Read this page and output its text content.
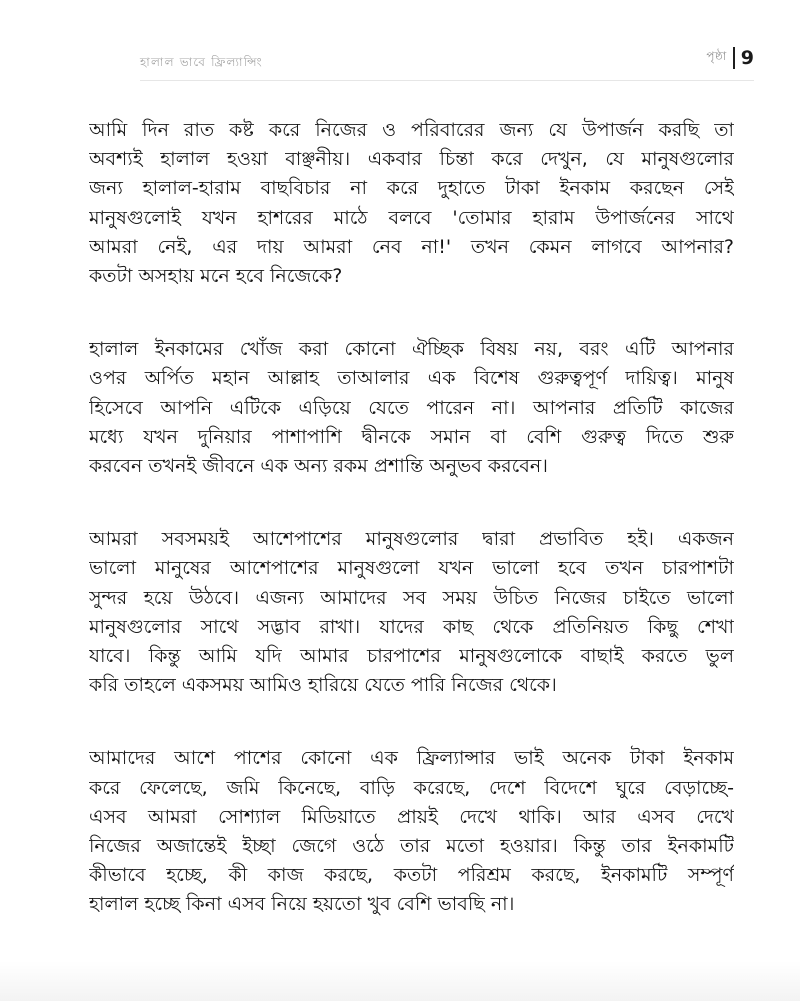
হালাল ভাবে ফ্রিল্যান্সিং	পৃষ্ঠা 9

আমি দিন রাত কষ্ট করে নিজের ও পরিবারের জন্য যে উপার্জন করছি তা
অবশ্যই হালাল হওয়া বাঞ্ছনীয়। একবার চিন্তা করে দেখুন, যে মানুষগুলোর
জন্য হালাল-হারাম বাছবিচার না করে দুহাতে টাকা ইনকাম করছেন সেই
মানুষগুলোই যখন হাশরের মাঠে বলবে 'তোমার হারাম উপার্জনের সাথে
আমরা নেই, এর দায় আমরা নেব না!' তখন কেমন লাগবে আপনার?
কতটা অসহায় মনে হবে নিজেকে?

হালাল ইনকামের খোঁজ করা কোনো ঐচ্ছিক বিষয় নয়, বরং এটি আপনার
ওপর অর্পিত মহান আল্লাহ তাআলার এক বিশেষ গুরুত্বপূর্ণ দায়িত্ব। মানুষ
হিসেবে আপনি এটিকে এড়িয়ে যেতে পারেন না। আপনার প্রতিটি কাজের
মধ্যে যখন দুনিয়ার পাশাপাশি দ্বীনকে সমান বা বেশি গুরুত্ব দিতে শুরু
করবেন তখনই জীবনে এক অন্য রকম প্রশান্তি অনুভব করবেন।

আমরা সবসময়ই আশেপাশের মানুষগুলোর দ্বারা প্রভাবিত হই। একজন
ভালো মানুষের আশেপাশের মানুষগুলো যখন ভালো হবে তখন চারপাশটা
সুন্দর হয়ে উঠবে। এজন্য আমাদের সব সময় উচিত নিজের চাইতে ভালো
মানুষগুলোর সাথে সদ্ভাব রাখা। যাদের কাছ থেকে প্রতিনিয়ত কিছু শেখা
যাবে। কিন্তু আমি যদি আমার চারপাশের মানুষগুলোকে বাছাই করতে ভুল
করি তাহলে একসময় আমিও হারিয়ে যেতে পারি নিজের থেকে।

আমাদের আশে পাশের কোনো এক ফ্রিল্যান্সার ভাই অনেক টাকা ইনকাম
করে ফেলেছে, জমি কিনেছে, বাড়ি করেছে, দেশে বিদেশে ঘুরে বেড়াচ্ছে-
এসব আমরা সোশ্যাল মিডিয়াতে প্রায়ই দেখে থাকি। আর এসব দেখে
নিজের অজান্তেই ইচ্ছা জেগে ওঠে তার মতো হওয়ার। কিন্তু তার ইনকামটি
কীভাবে হচ্ছে, কী কাজ করছে, কতটা পরিশ্রম করছে, ইনকামটি সম্পূর্ণ
হালাল হচ্ছে কিনা এসব নিয়ে হয়তো খুব বেশি ভাবছি না।
